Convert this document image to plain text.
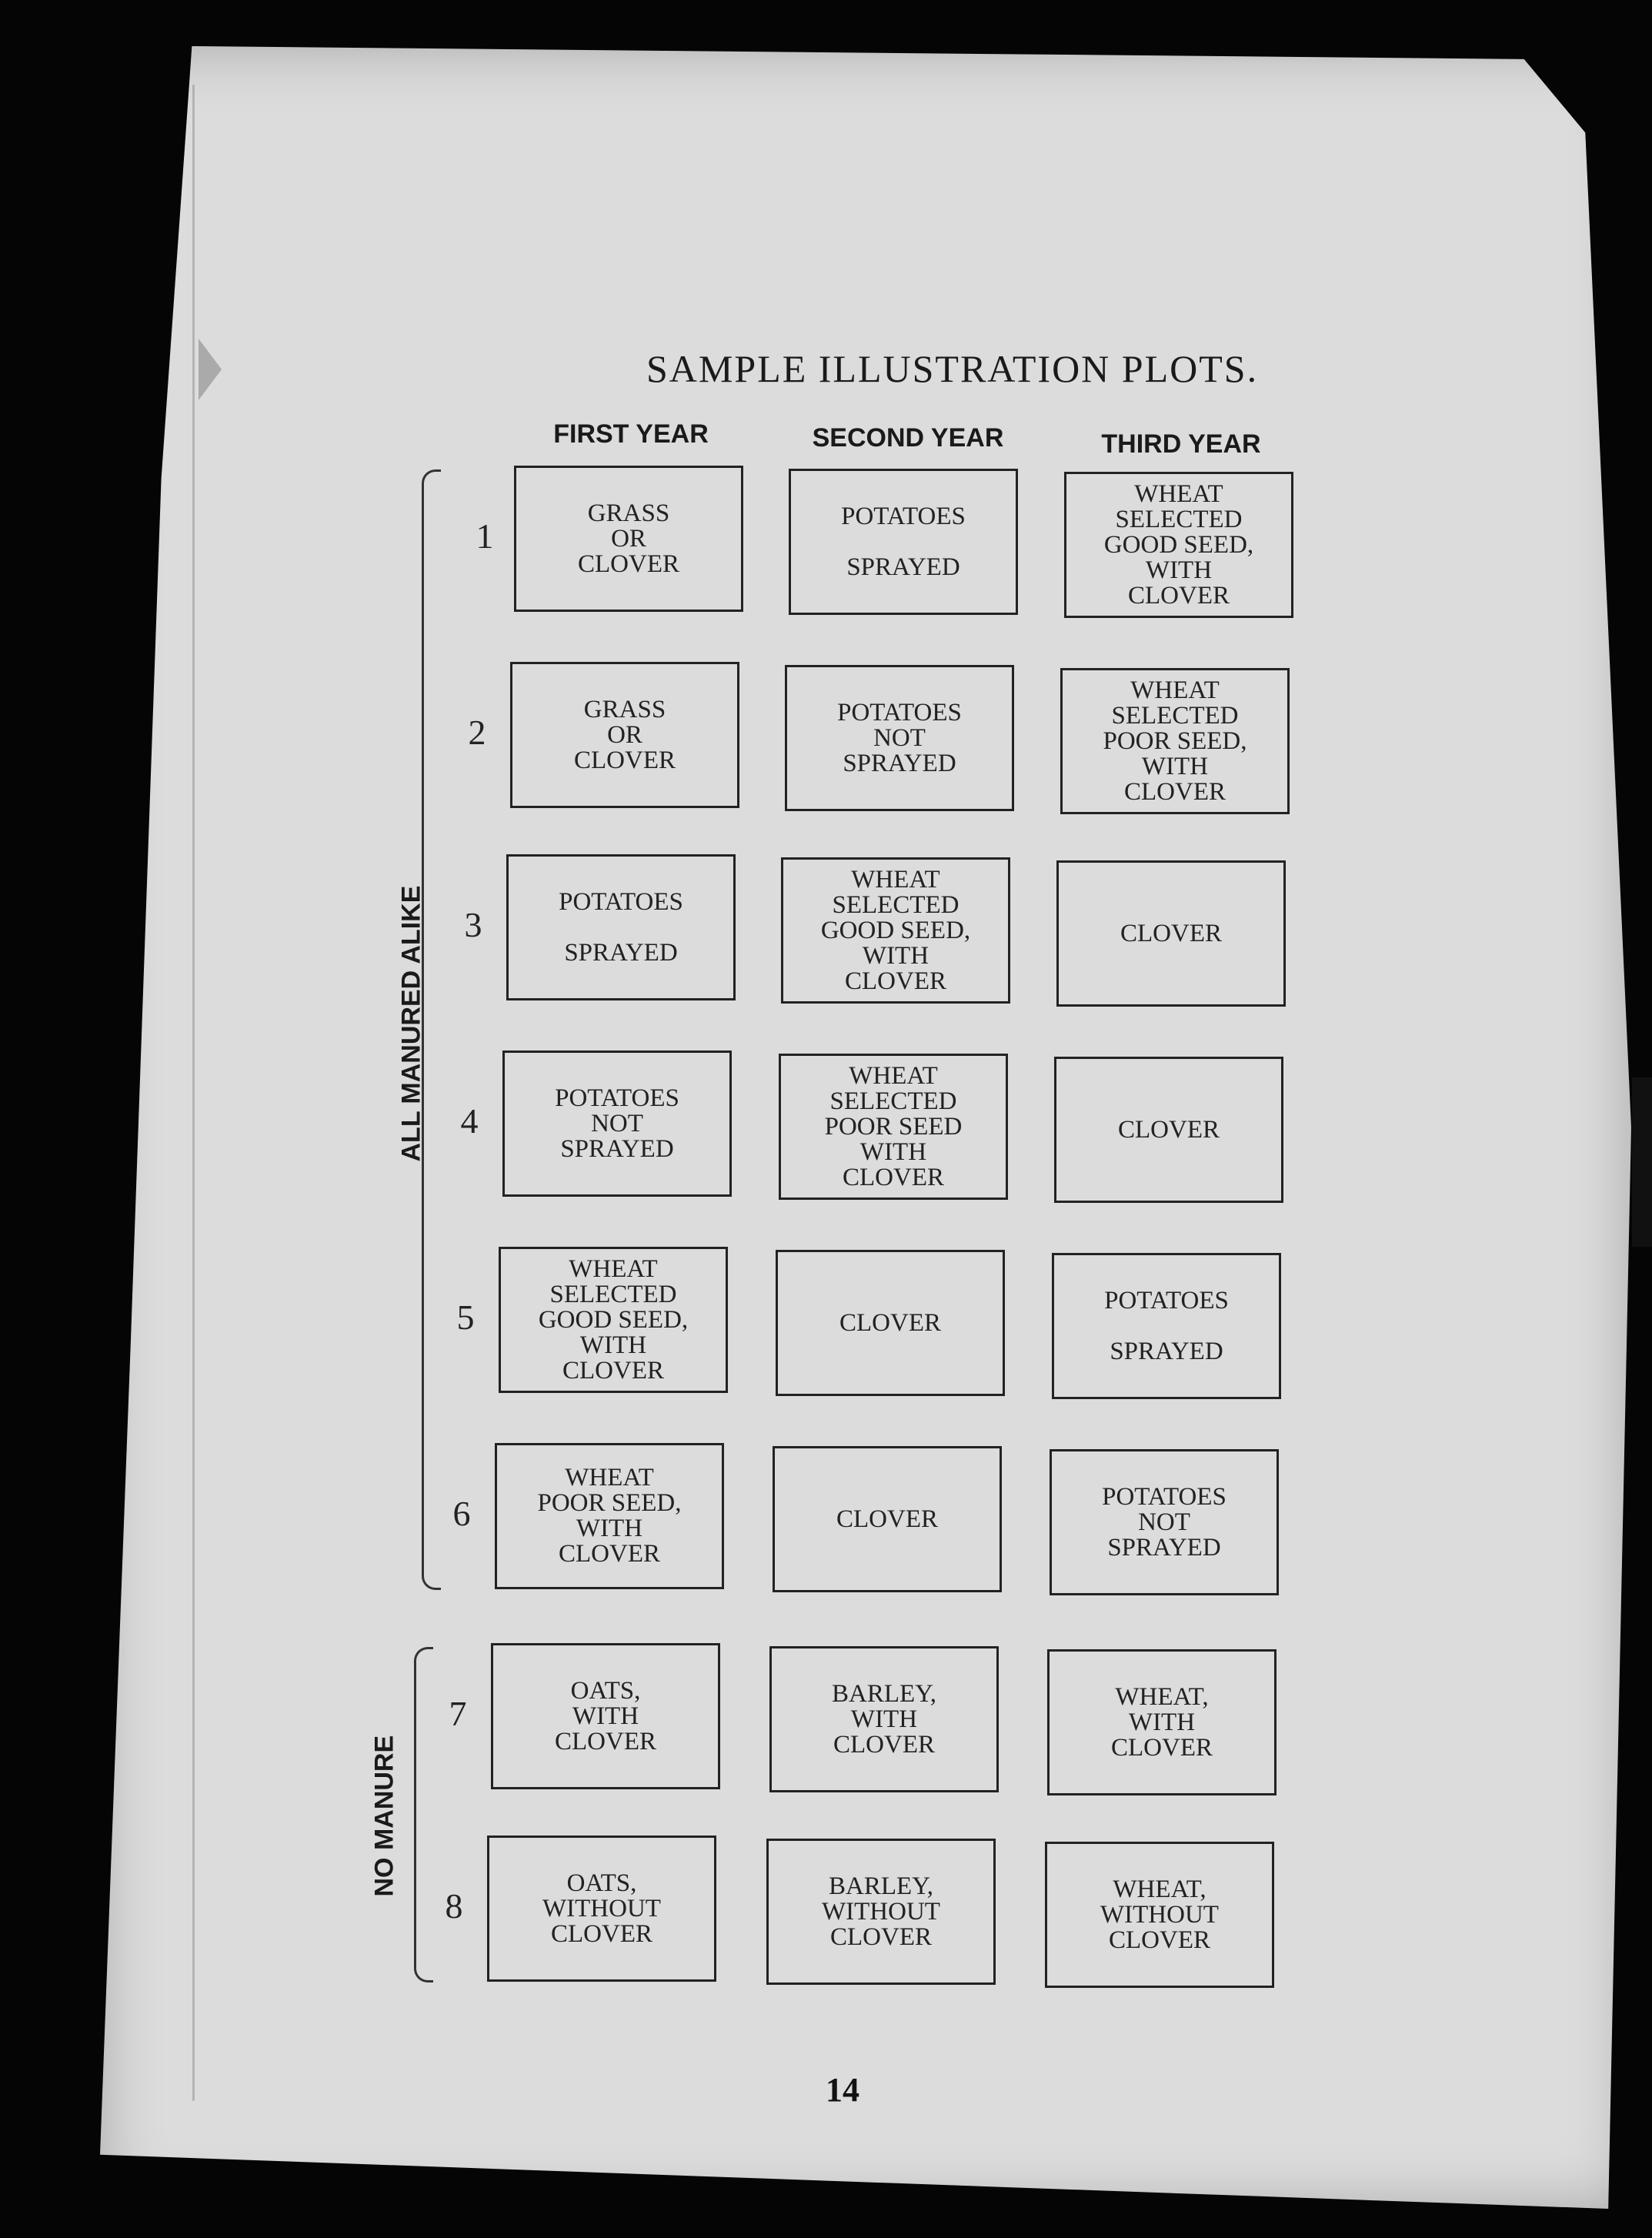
SAMPLE ILLUSTRATION PLOTS.
FIRST YEAR	SECOND YEAR	THIRD YEAR
ALL MANURED ALIKE
NO MANURE
1
GRASS
OR
CLOVER
POTATOES

SPRAYED
WHEAT
SELECTED
GOOD SEED,
WITH
CLOVER
2
GRASS
OR
CLOVER
POTATOES
NOT
SPRAYED
WHEAT
SELECTED
POOR SEED,
WITH
CLOVER
3
POTATOES

SPRAYED
WHEAT
SELECTED
GOOD SEED,
WITH
CLOVER
CLOVER
4
POTATOES
NOT
SPRAYED
WHEAT
SELECTED
POOR SEED
WITH
CLOVER
CLOVER
5
WHEAT
SELECTED
GOOD SEED,
WITH
CLOVER
CLOVER
POTATOES

SPRAYED
6
WHEAT
POOR SEED,
WITH
CLOVER
CLOVER
POTATOES
NOT
SPRAYED
7
OATS,
WITH
CLOVER
BARLEY,
WITH
CLOVER
WHEAT,
WITH
CLOVER
8
OATS,
WITHOUT
CLOVER
BARLEY,
WITHOUT
CLOVER
WHEAT,
WITHOUT
CLOVER
14
